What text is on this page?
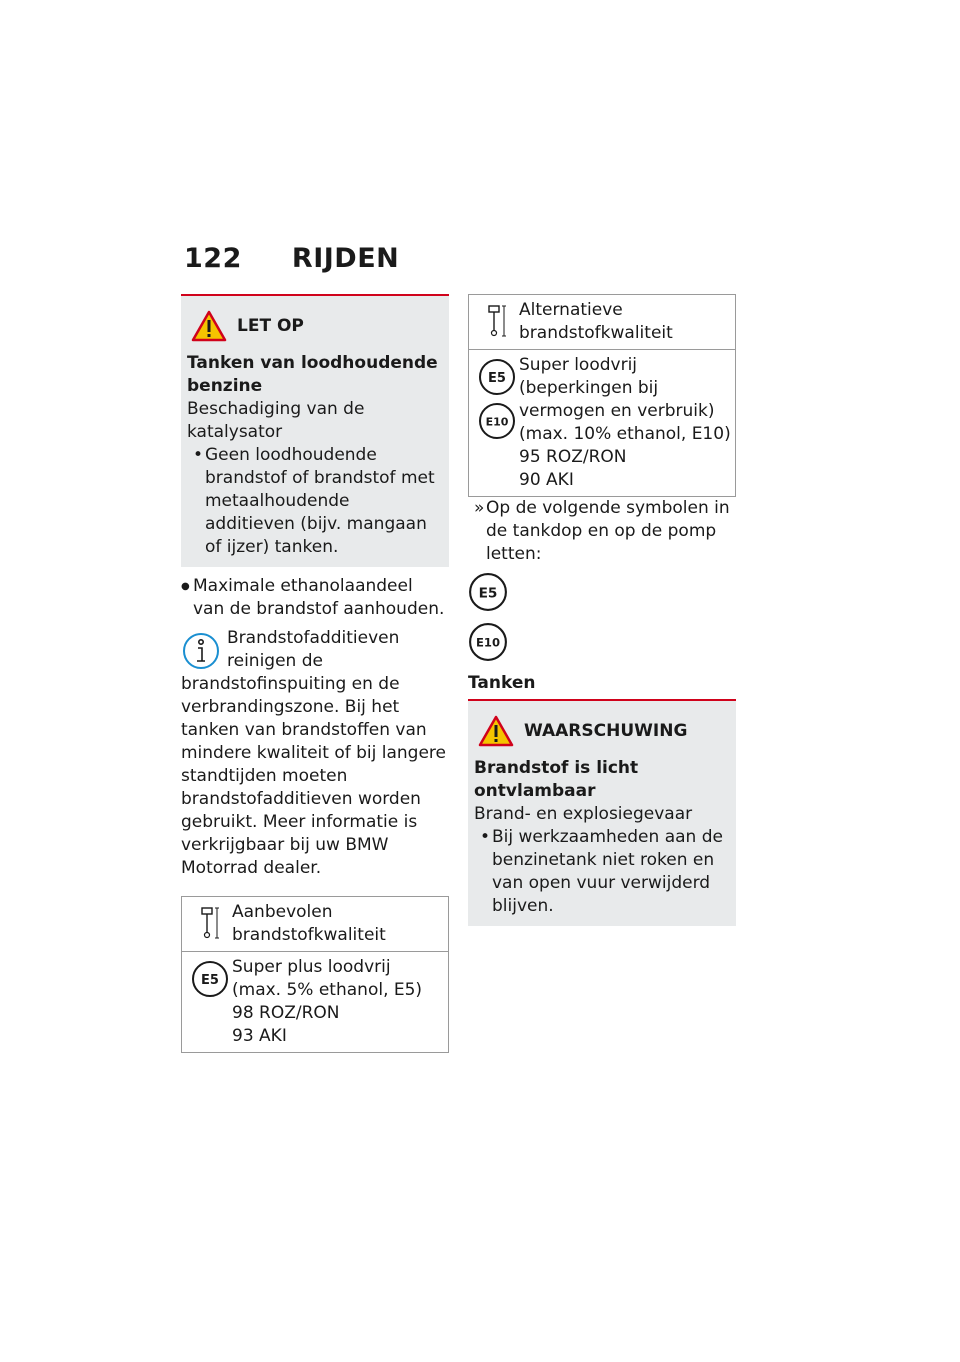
122 RIJDEN
LET OP
Tanken van loodhoudende benzine
Beschadiging van de katalysator
• Geen loodhoudende brandstof of brandstof met metaalhoudende additieven (bijv. mangaan of ijzer) tanken.
● Maximale ethanolaandeel van de brandstof aanhouden.
Brandstofadditieven reinigen de brandstofinspuiting en de verbrandingszone. Bij het tanken van brandstoffen van mindere kwaliteit of bij langere standtijden moeten brandstofadditieven worden gebruikt. Meer informatie is verkrijgbaar bij uw BMW Motorrad dealer.
Aanbevolen brandstofkwaliteit
E5
Super plus loodvrij (max. 5% ethanol, E5)
98 ROZ/RON
93 AKI
Alternatieve brandstofkwaliteit
E5
E10
Super loodvrij (beperkingen bij vermogen en verbruik) (max. 10% ethanol, E10)
95 ROZ/RON
90 AKI
» Op de volgende symbolen in de tankdop en op de pomp letten:
E5
E10
Tanken
WAARSCHUWING
Brandstof is licht ontvlambaar
Brand- en explosiegevaar
• Bij werkzaamheden aan de benzinetank niet roken en van open vuur verwijderd blijven.
